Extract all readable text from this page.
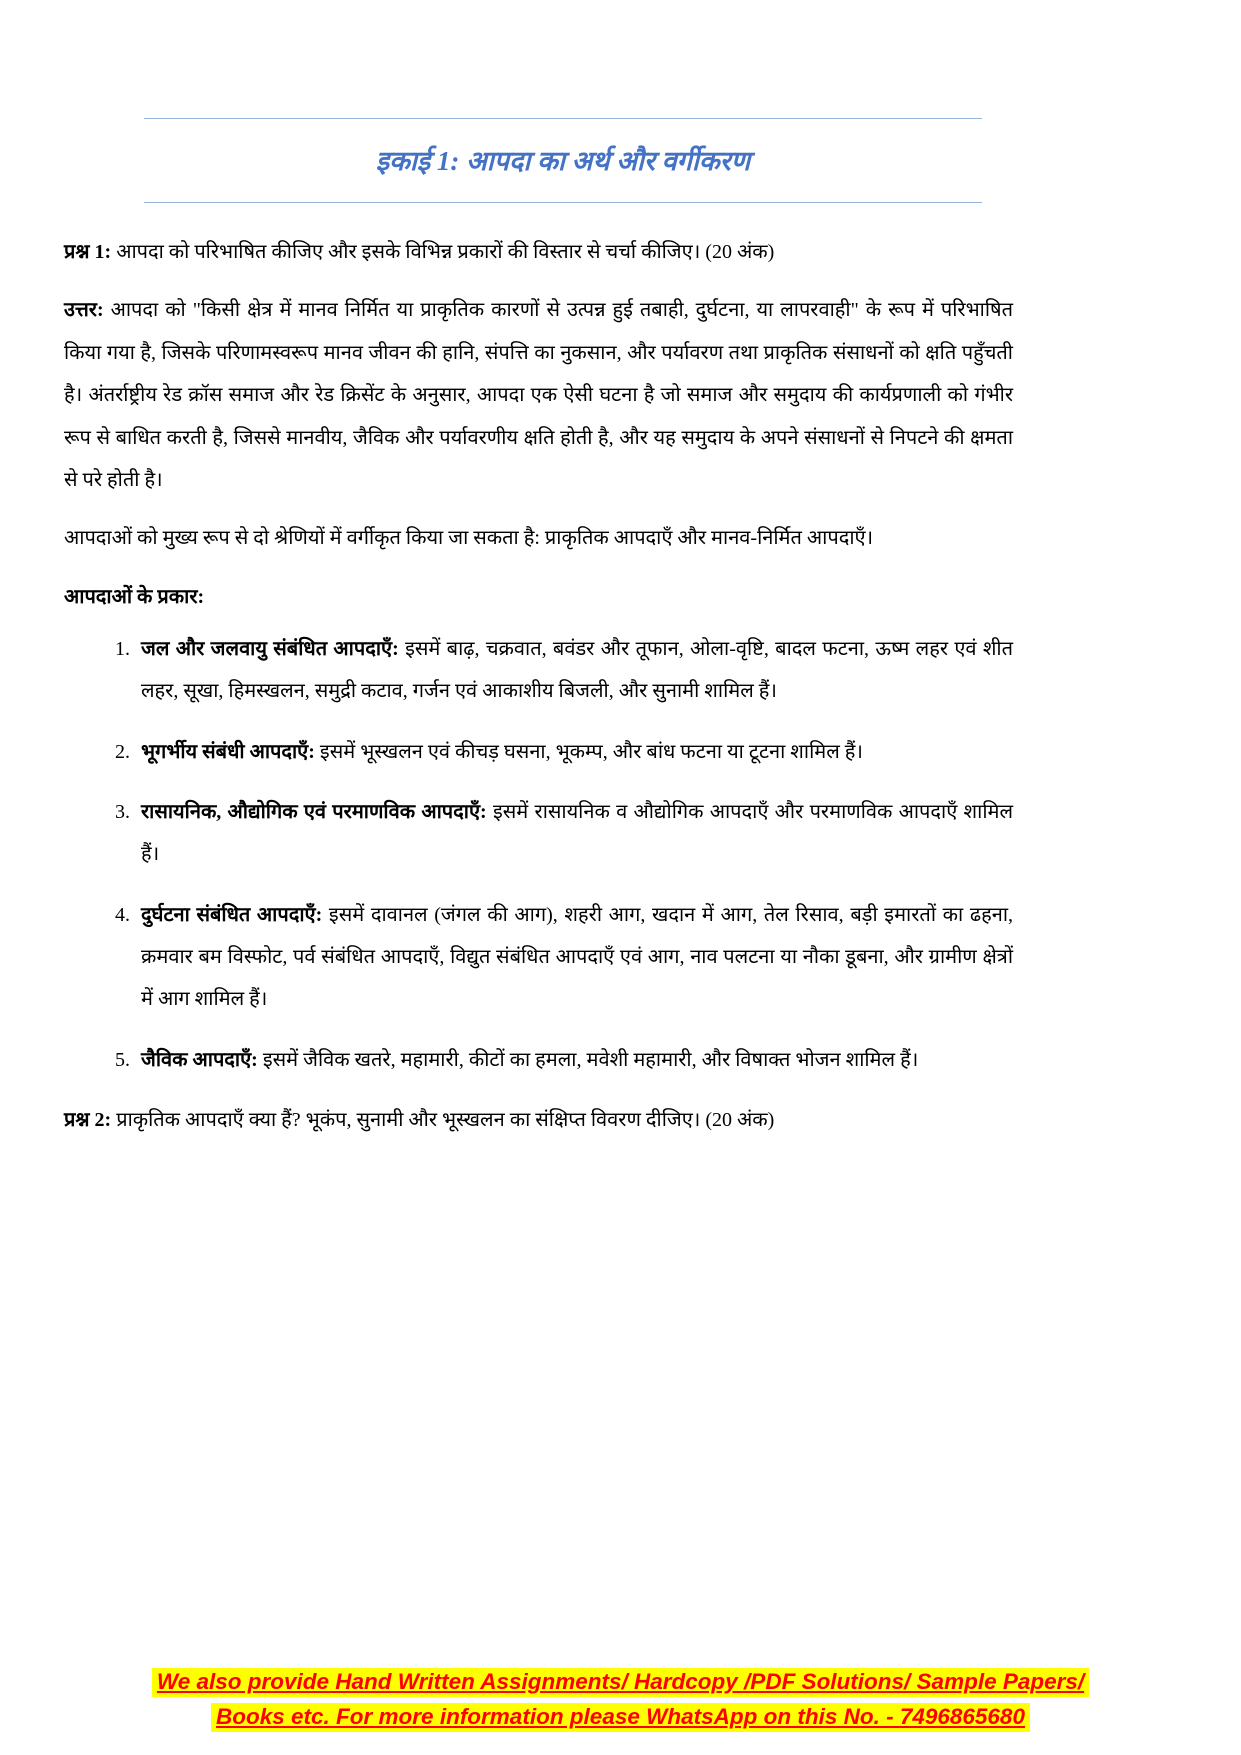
इकाई 1: आपदा का अर्थ और वर्गीकरण

प्रश्न 1: आपदा को परिभाषित कीजिए और इसके विभिन्न प्रकारों की विस्तार से चर्चा कीजिए। (20 अंक)

उत्तर: आपदा को "किसी क्षेत्र में मानव निर्मित या प्राकृतिक कारणों से उत्पन्न हुई तबाही, दुर्घटना, या लापरवाही" के रूप में परिभाषित किया गया है, जिसके परिणामस्वरूप मानव जीवन की हानि, संपत्ति का नुकसान, और पर्यावरण तथा प्राकृतिक संसाधनों को क्षति पहुँचती है। अंतर्राष्ट्रीय रेड क्रॉस समाज और रेड क्रिसेंट के अनुसार, आपदा एक ऐसी घटना है जो समाज और समुदाय की कार्यप्रणाली को गंभीर रूप से बाधित करती है, जिससे मानवीय, जैविक और पर्यावरणीय क्षति होती है, और यह समुदाय के अपने संसाधनों से निपटने की क्षमता से परे होती है।

आपदाओं को मुख्य रूप से दो श्रेणियों में वर्गीकृत किया जा सकता है: प्राकृतिक आपदाएँ और मानव-निर्मित आपदाएँ।

आपदाओं के प्रकार:

1. जल और जलवायु संबंधित आपदाएँ: इसमें बाढ़, चक्रवात, बवंडर और तूफान, ओला-वृष्टि, बादल फटना, ऊष्म लहर एवं शीत लहर, सूखा, हिमस्खलन, समुद्री कटाव, गर्जन एवं आकाशीय बिजली, और सुनामी शामिल हैं।
2. भूगर्भीय संबंधी आपदाएँ: इसमें भूस्खलन एवं कीचड़ घसना, भूकम्प, और बांध फटना या टूटना शामिल हैं।
3. रासायनिक, औद्योगिक एवं परमाणविक आपदाएँ: इसमें रासायनिक व औद्योगिक आपदाएँ और परमाणविक आपदाएँ शामिल हैं।
4. दुर्घटना संबंधित आपदाएँ: इसमें दावानल (जंगल की आग), शहरी आग, खदान में आग, तेल रिसाव, बड़ी इमारतों का ढहना, क्रमवार बम विस्फोट, पर्व संबंधित आपदाएँ, विद्युत संबंधित आपदाएँ एवं आग, नाव पलटना या नौका डूबना, और ग्रामीण क्षेत्रों में आग शामिल हैं।
5. जैविक आपदाएँ: इसमें जैविक खतरे, महामारी, कीटों का हमला, मवेशी महामारी, और विषाक्त भोजन शामिल हैं।

प्रश्न 2: प्राकृतिक आपदाएँ क्या हैं? भूकंप, सुनामी और भूस्खलन का संक्षिप्त विवरण दीजिए। (20 अंक)

We also provide Hand Written Assignments/ Hardcopy /PDF Solutions/ Sample Papers/
Books etc. For more information please WhatsApp on this No. - 7496865680
